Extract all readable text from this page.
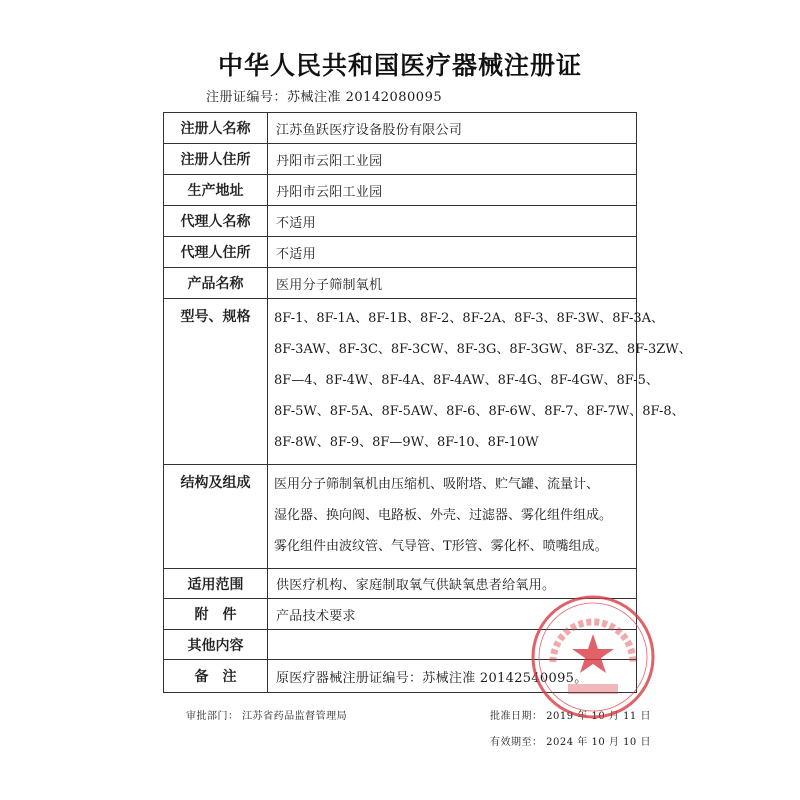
中华人民共和国医疗器械注册证
注册证编号：苏械注准 20142080095
注册人名称	江苏鱼跃医疗设备股份有限公司
注册人住所	丹阳市云阳工业园
生产地址	丹阳市云阳工业园
代理人名称	不适用
代理人住所	不适用
产品名称	医用分子筛制氧机
型号、规格	8F-1、8F-1A、8F-1B、8F-2、8F-2A、8F-3、8F-3W、8F-3A、
8F-3AW、8F-3C、8F-3CW、8F-3G、8F-3GW、8F-3Z、8F-3ZW、
8F—4、8F-4W、8F-4A、8F-4AW、8F-4G、8F-4GW、8F-5、
8F-5W、8F-5A、8F-5AW、8F-6、8F-6W、8F-7、8F-7W、8F-8、
8F-8W、8F-9、8F—9W、8F-10、8F-10W

结构及组成	医用分子筛制氧机由压缩机、吸附塔、贮气罐、流量计、
湿化器、换向阀、电路板、外壳、过滤器、雾化组件组成。
雾化组件由波纹管、气导管、T形管、雾化杯、喷嘴组成。

适用范围	供医疗机构、家庭制取氧气供缺氧患者给氧用。
附　件	产品技术要求
其他内容	
备　注	原医疗器械注册证编号：苏械注准 20142540095。
审批部门： 江苏省药品监督管理局	批准日期： 2019 年 10 月 11 日
有效期至： 2024 年 10 月 10 日
